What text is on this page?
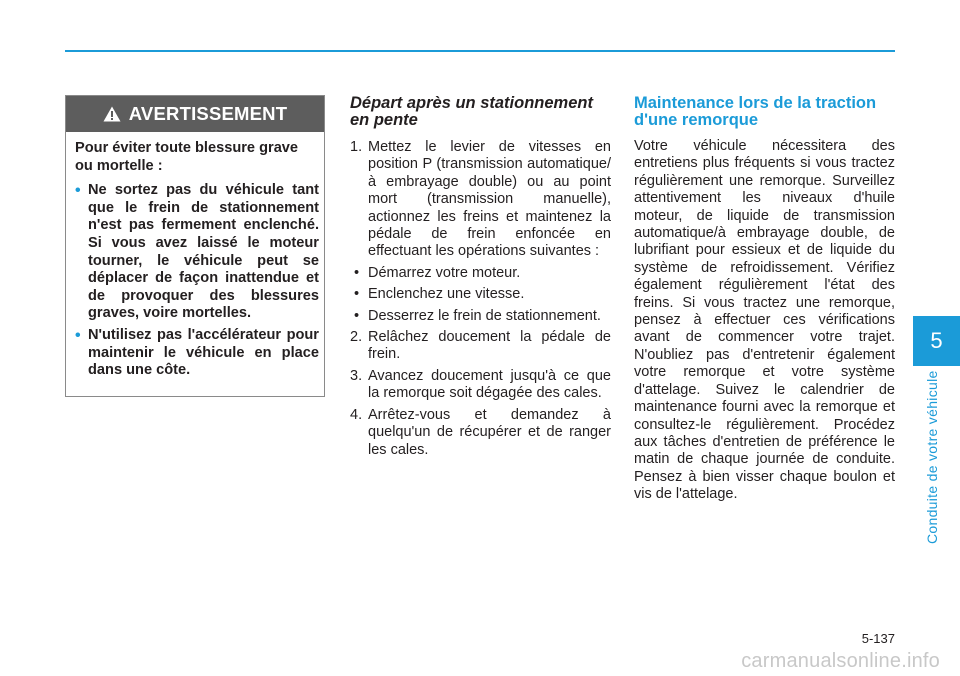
5
Conduite de votre véhicule
AVERTISSEMENT

Pour éviter toute blessure grave ou mortelle :

• Ne sortez pas du véhicule tant que le frein de stationnement n'est pas fermement enclenché. Si vous avez laissé le moteur tourner, le véhicule peut se déplacer de façon inattendue et de provoquer des blessures graves, voire mortelles.
• N'utilisez pas l'accélérateur pour maintenir le véhicule en place dans une côte.
Départ après un stationnement en pente
1. Mettez le levier de vitesses en position P (transmission automatique/à embrayage double) ou au point mort (transmission manuelle), actionnez les freins et maintenez la pédale de frein enfoncée en effectuant les opérations suivantes :
• Démarrez votre moteur.
• Enclenchez une vitesse.
• Desserrez le frein de stationnement.
2. Relâchez doucement la pédale de frein.
3. Avancez doucement jusqu'à ce que la remorque soit dégagée des cales.
4. Arrêtez-vous et demandez à quelqu'un de récupérer et de ranger les cales.
Maintenance lors de la traction d'une remorque

Votre véhicule nécessitera des entretiens plus fréquents si vous tractez régulièrement une remorque. Surveillez attentivement les niveaux d'huile moteur, de liquide de transmission automatique/à embrayage double, de lubrifiant pour essieux et de liquide du système de refroidissement. Vérifiez également régulièrement l'état des freins. Si vous tractez une remorque, pensez à effectuer ces vérifications avant de commencer votre trajet. N'oubliez pas d'entretenir également votre remorque et votre système d'attelage. Suivez le calendrier de maintenance fourni avec la remorque et consultez-le régulièrement. Procédez aux tâches d'entretien de préférence le matin de chaque journée de conduite. Pensez à bien visser chaque boulon et vis de l'attelage.

5-137
carmanualsonline.info
